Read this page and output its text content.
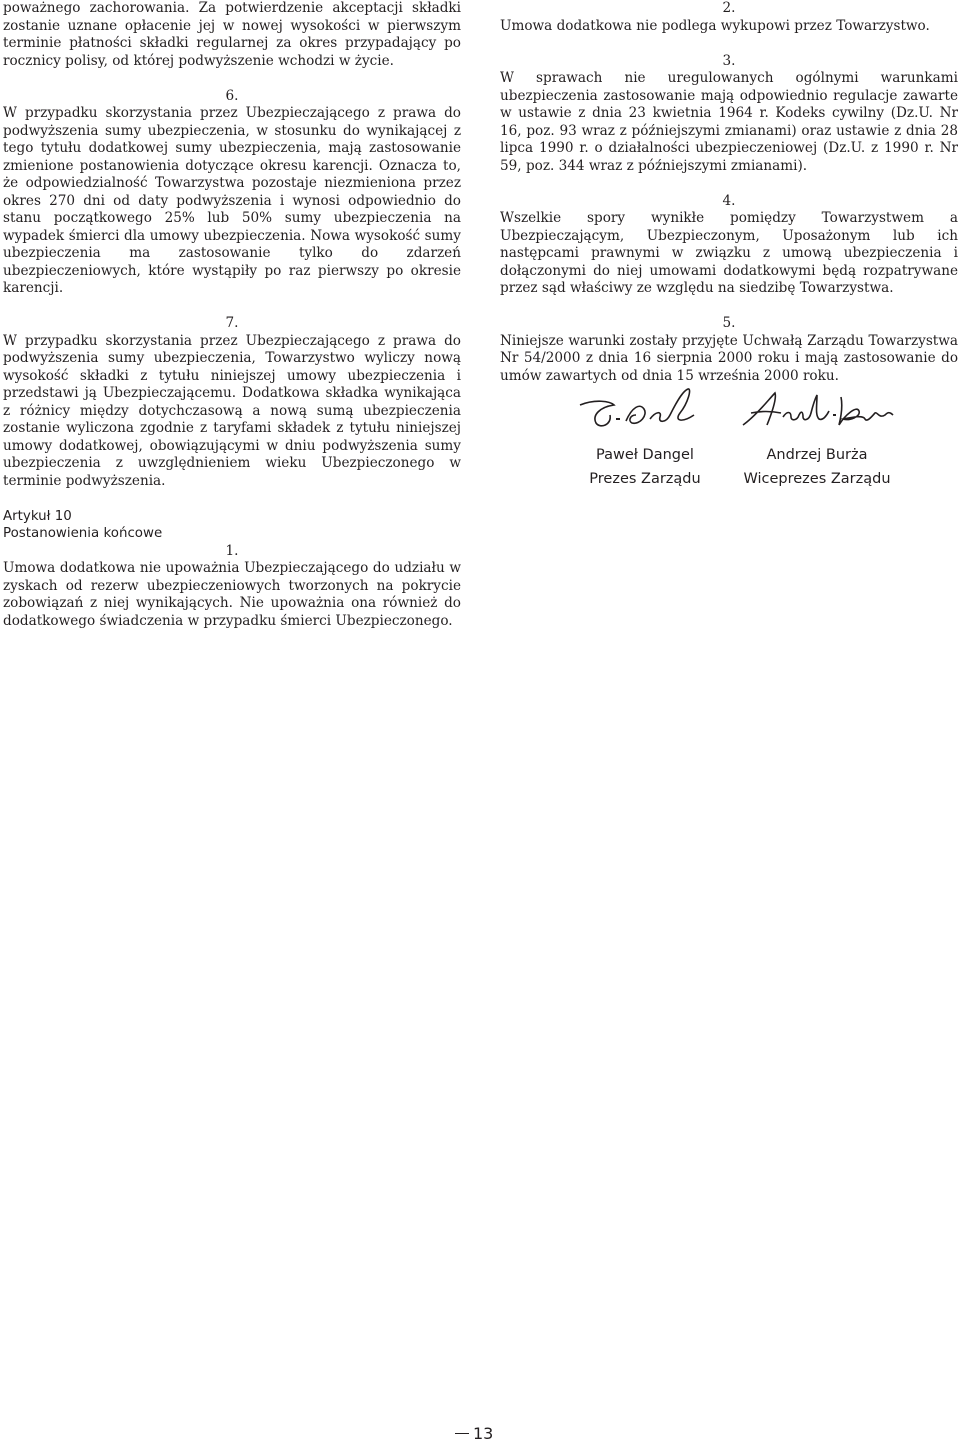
poważnego zachorowania. Za potwierdzenie akceptacji składki zostanie uznane opłacenie jej w nowej wysokości w pierwszym terminie płatności składki regularnej za okres przypadający po rocznicy polisy, od której podwyższenie wchodzi w życie.

6.

W przypadku skorzystania przez Ubezpieczającego z prawa do podwyższenia sumy ubezpieczenia, w stosunku do wynikającej z tego tytułu dodatkowej sumy ubezpieczenia, mają zastosowanie zmienione postanowienia dotyczące okresu karencji. Oznacza to, że odpowiedzialność Towarzystwa pozostaje niezmieniona przez okres 270 dni od daty podwyższenia i wynosi odpowiednio do stanu początkowego 25% lub 50% sumy ubezpieczenia na wypadek śmierci dla umowy ubezpieczenia. Nowa wysokość sumy ubezpieczenia ma zastosowanie tylko do zdarzeń ubezpieczeniowych, które wystąpiły po raz pierwszy po okresie karencji.

7.

W przypadku skorzystania przez Ubezpieczającego z prawa do podwyższenia sumy ubezpieczenia, Towarzystwo wyliczy nową wysokość składki z tytułu niniejszej umowy ubezpieczenia i przedstawi ją Ubezpieczającemu. Dodatkowa składka wynikająca z różnicy między dotychczasową a nową sumą ubezpieczenia zostanie wyliczona zgodnie z taryfami składek z tytułu niniejszej umowy dodatkowej, obowiązującymi w dniu podwyższenia sumy ubezpieczenia z uwzględnieniem wieku Ubezpieczonego w terminie podwyższenia.

Artykuł 10

Postanowienia końcowe

1.

Umowa dodatkowa nie upoważnia Ubezpieczającego do udziału w zyskach od rezerw ubezpieczeniowych tworzonych na pokrycie zobowiązań z niej wynikających. Nie upoważnia ona również do dodatkowego świadczenia w przypadku śmierci Ubezpieczonego.

2.

Umowa dodatkowa nie podlega wykupowi przez Towarzystwo.

3.

W sprawach nie uregulowanych ogólnymi warunkami ubezpieczenia zastosowanie mają odpowiednio regulacje zawarte w ustawie z dnia 23 kwietnia 1964 r. Kodeks cywilny (Dz.U. Nr 16, poz. 93 wraz z późniejszymi zmianami) oraz ustawie z dnia 28 lipca 1990 r. o działalności ubezpieczeniowej (Dz.U. z 1990 r. Nr 59, poz. 344 wraz z późniejszymi zmianami).

4.

Wszelkie spory wynikłe pomiędzy Towarzystwem a Ubezpieczającym, Ubezpieczonym, Uposażonym lub ich następcami prawnymi w związku z umową ubezpieczenia i dołączonymi do niej umowami dodatkowymi będą rozpatrywane przez sąd właściwy ze względu na siedzibę Towarzystwa.

5.

Niniejsze warunki zostały przyjęte Uchwałą Zarządu Towarzystwa Nr 54/2000 z dnia 16 sierpnia 2000 roku i mają zastosowanie do umów zawartych od dnia 15 września 2000 roku.

Paweł Dangel
Prezes Zarządu
Andrzej Burża
Wiceprezes Zarządu
13
